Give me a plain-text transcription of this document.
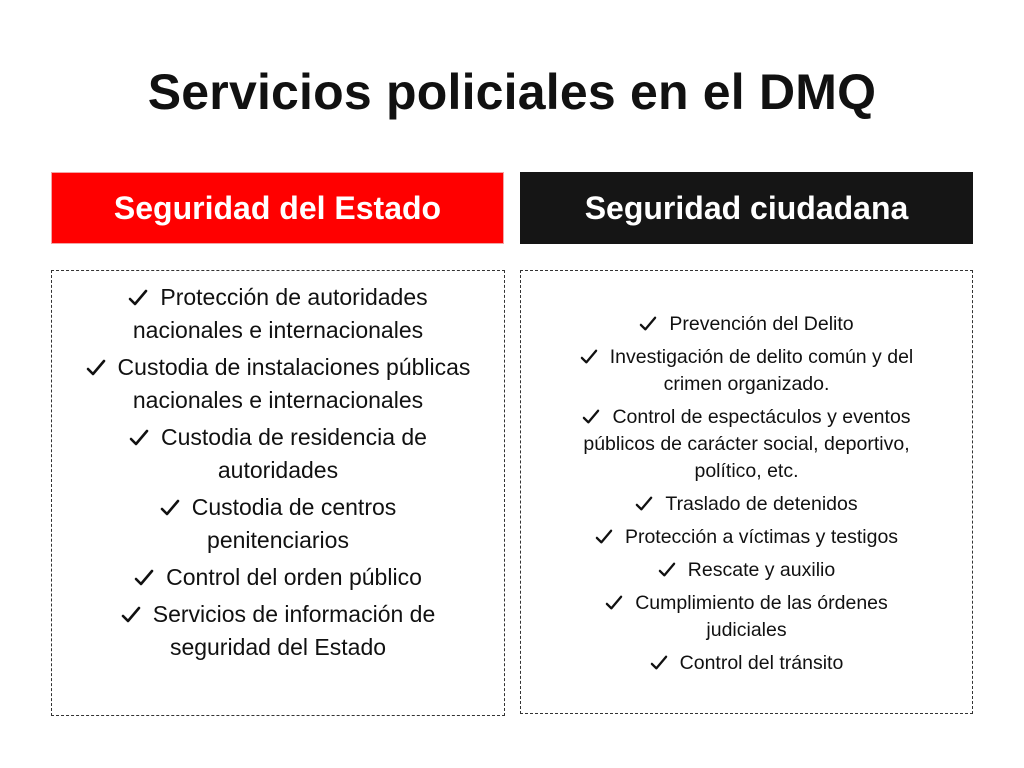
Servicios policiales en el DMQ
Seguridad del Estado	Seguridad ciudadana
Protección de autoridades
nacionales e internacionales
Custodia de instalaciones públicas
nacionales e internacionales
Custodia de residencia de
autoridades
Custodia de centros
penitenciarios
Control del orden público
Servicios de información de
seguridad del Estado
Prevención del Delito
Investigación de delito común y del
crimen organizado.
Control de espectáculos y eventos
públicos de carácter social, deportivo,
político, etc.
Traslado de detenidos
Protección a víctimas y testigos
Rescate y auxilio
Cumplimiento de las órdenes
judiciales
Control del tránsito
